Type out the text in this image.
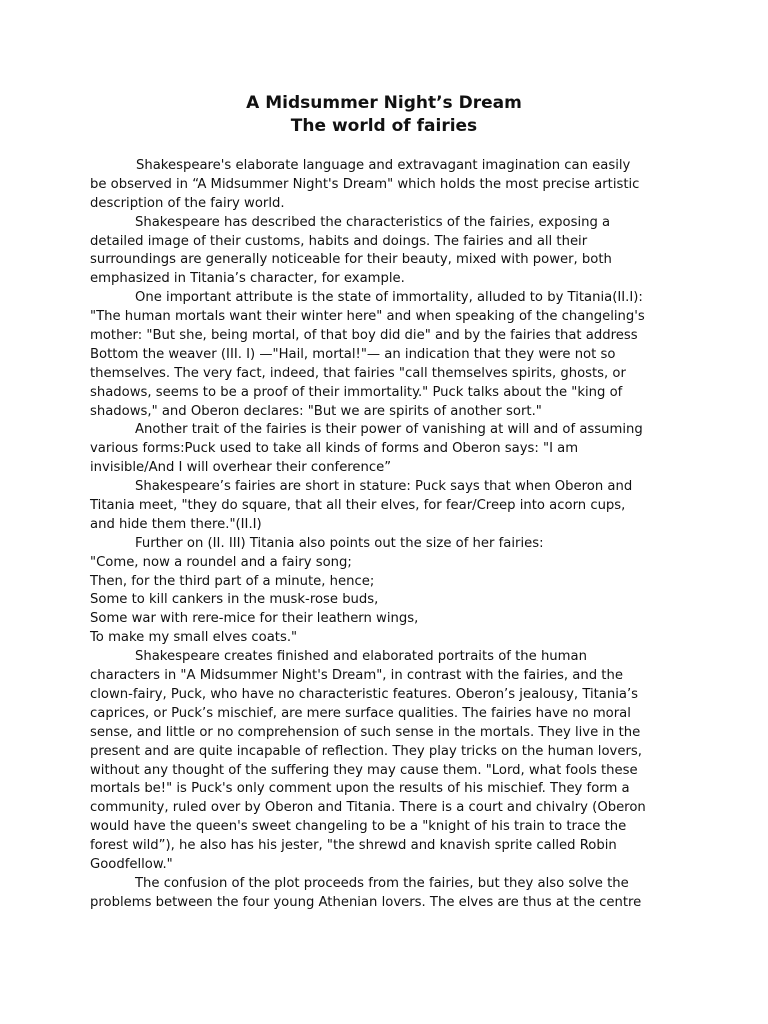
A Midsummer Night’s Dream
The world of fairies
Shakespeare's elaborate language and extravagant imagination can easily
be observed in “A Midsummer Night's Dream" which holds the most precise artistic
description of the fairy world.
Shakespeare has described the characteristics of the fairies, exposing a
detailed image of their customs, habits and doings. The fairies and all their
surroundings are generally noticeable for their beauty, mixed with power, both
emphasized in Titania’s character, for example.
One important attribute is the state of immortality, alluded to by Titania(II.I):
"The human mortals want their winter here" and when speaking of the changeling's
mother: "But she, being mortal, of that boy did die" and by the fairies that address
Bottom the weaver (III. I) —"Hail, mortal!"— an indication that they were not so
themselves. The very fact, indeed, that fairies "call themselves spirits, ghosts, or
shadows, seems to be a proof of their immortality." Puck talks about the "king of
shadows," and Oberon declares: "But we are spirits of another sort."
Another trait of the fairies is their power of vanishing at will and of assuming
various forms:Puck used to take all kinds of forms and Oberon says: "I am
invisible/And I will overhear their conference”
Shakespeare’s fairies are short in stature: Puck says that when Oberon and
Titania meet, "they do square, that all their elves, for fear/Creep into acorn cups,
and hide them there."(II.I)
Further on (II. III) Titania also points out the size of her fairies:
"Come, now a roundel and a fairy song;
Then, for the third part of a minute, hence;
Some to kill cankers in the musk-rose buds,
Some war with rere-mice for their leathern wings,
To make my small elves coats."
Shakespeare creates finished and elaborated portraits of the human
characters in "A Midsummer Night's Dream", in contrast with the fairies, and the
clown-fairy, Puck, who have no characteristic features. Oberon’s jealousy, Titania’s
caprices, or Puck’s mischief, are mere surface qualities. The fairies have no moral
sense, and little or no comprehension of such sense in the mortals. They live in the
present and are quite incapable of reflection. They play tricks on the human lovers,
without any thought of the suffering they may cause them. "Lord, what fools these
mortals be!" is Puck's only comment upon the results of his mischief. They form a
community, ruled over by Oberon and Titania. There is a court and chivalry (Oberon
would have the queen's sweet changeling to be a "knight of his train to trace the
forest wild”), he also has his jester, "the shrewd and knavish sprite called Robin
Goodfellow."
The confusion of the plot proceeds from the fairies, but they also solve the
problems between the four young Athenian lovers. The elves are thus at the centre
